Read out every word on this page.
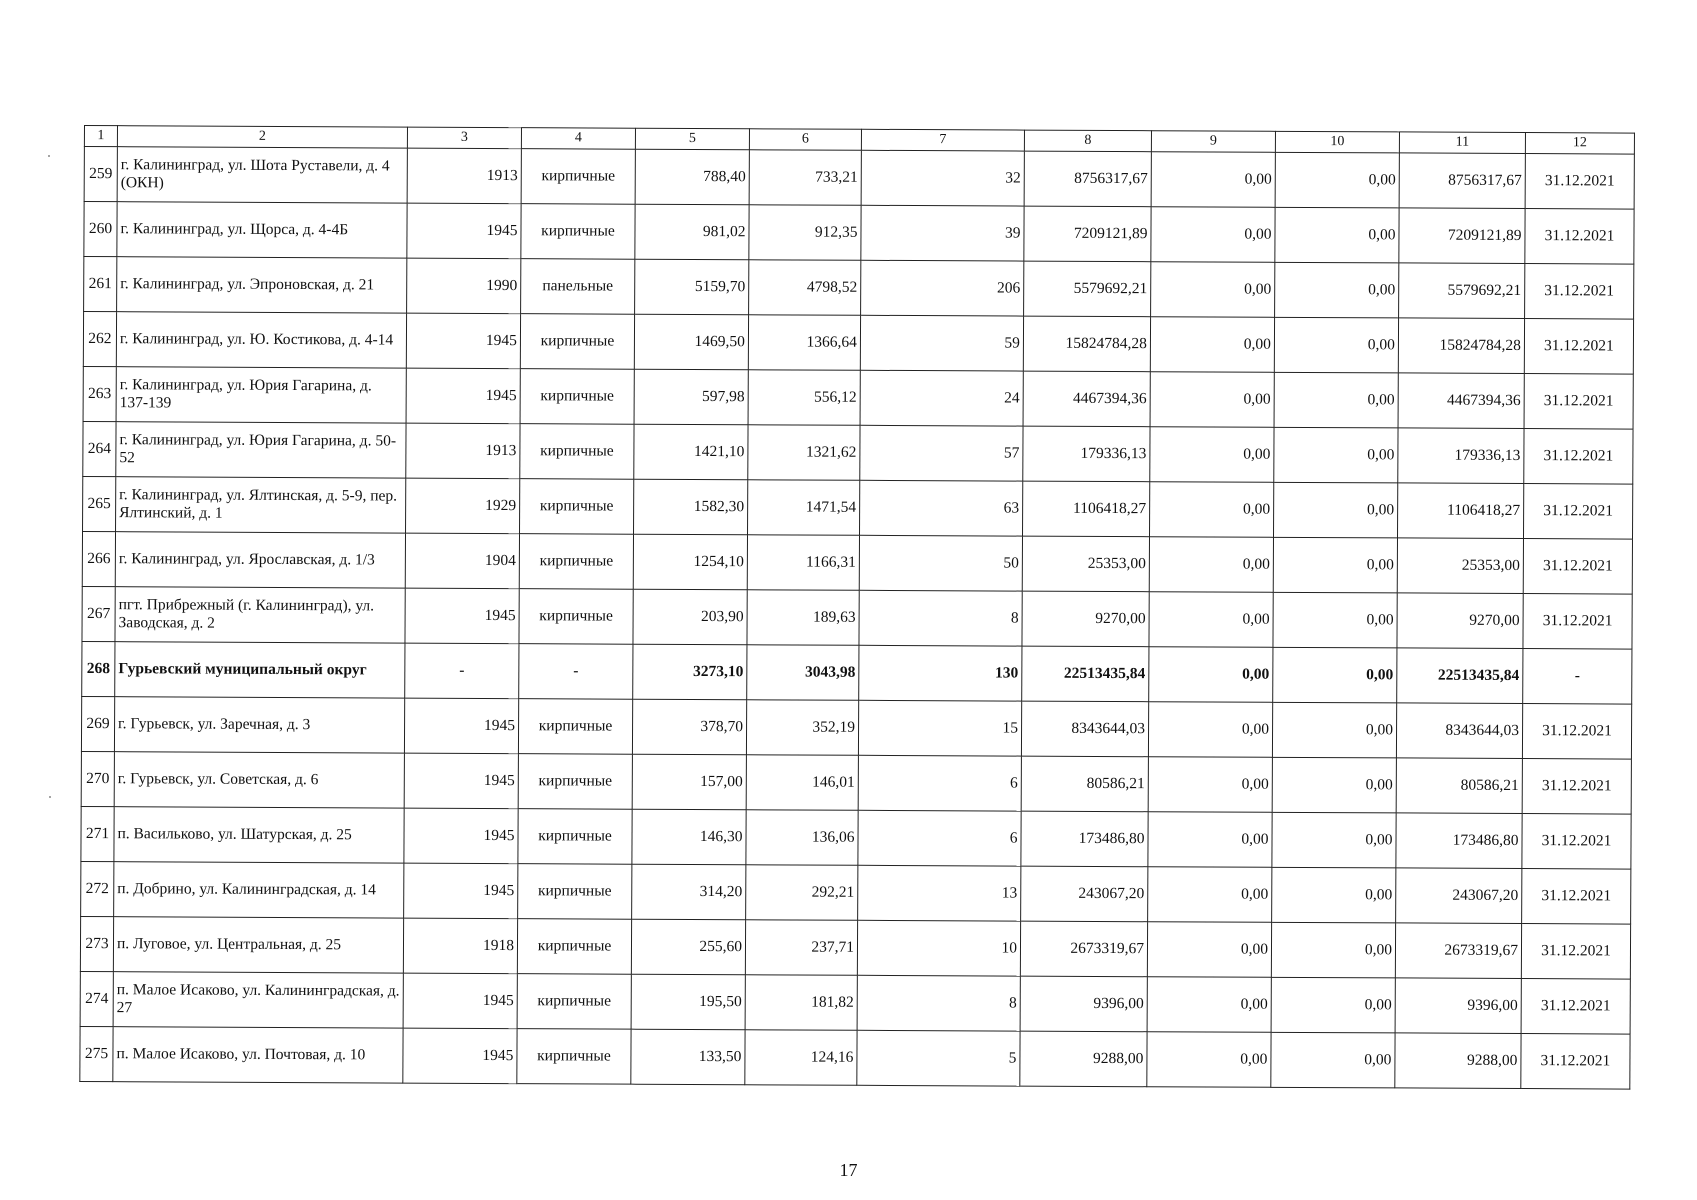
1	2	3	4	5	6	7	8	9	10	11	12
259	г. Калининград, ул. Шота Руставели, д. 4 (ОКН)	1913	кирпичные	788,40	733,21	32	8756317,67	0,00	0,00	8756317,67	31.12.2021
260	г. Калининград, ул. Щорса, д. 4-4Б	1945	кирпичные	981,02	912,35	39	7209121,89	0,00	0,00	7209121,89	31.12.2021
261	г. Калининград, ул. Эпроновская, д. 21	1990	панельные	5159,70	4798,52	206	5579692,21	0,00	0,00	5579692,21	31.12.2021
262	г. Калининград, ул. Ю. Костикова, д. 4-14	1945	кирпичные	1469,50	1366,64	59	15824784,28	0,00	0,00	15824784,28	31.12.2021
263	г. Калининград, ул. Юрия Гагарина, д. 137-139	1945	кирпичные	597,98	556,12	24	4467394,36	0,00	0,00	4467394,36	31.12.2021
264	г. Калининград, ул. Юрия Гагарина, д. 50-52	1913	кирпичные	1421,10	1321,62	57	179336,13	0,00	0,00	179336,13	31.12.2021
265	г. Калининград, ул. Ялтинская, д. 5-9, пер. Ялтинский, д. 1	1929	кирпичные	1582,30	1471,54	63	1106418,27	0,00	0,00	1106418,27	31.12.2021
266	г. Калининград, ул. Ярославская, д. 1/3	1904	кирпичные	1254,10	1166,31	50	25353,00	0,00	0,00	25353,00	31.12.2021
267	пгт. Прибрежный (г. Калининград), ул. Заводская, д. 2	1945	кирпичные	203,90	189,63	8	9270,00	0,00	0,00	9270,00	31.12.2021
268	Гурьевский муниципальный округ	-	-	3273,10	3043,98	130	22513435,84	0,00	0,00	22513435,84	-
269	г. Гурьевск, ул. Заречная, д. 3	1945	кирпичные	378,70	352,19	15	8343644,03	0,00	0,00	8343644,03	31.12.2021
270	г. Гурьевск, ул. Советская, д. 6	1945	кирпичные	157,00	146,01	6	80586,21	0,00	0,00	80586,21	31.12.2021
271	п. Васильково, ул. Шатурская, д. 25	1945	кирпичные	146,30	136,06	6	173486,80	0,00	0,00	173486,80	31.12.2021
272	п. Добрино, ул. Калининградская, д. 14	1945	кирпичные	314,20	292,21	13	243067,20	0,00	0,00	243067,20	31.12.2021
273	п. Луговое, ул. Центральная, д. 25	1918	кирпичные	255,60	237,71	10	2673319,67	0,00	0,00	2673319,67	31.12.2021
274	п. Малое Исаково, ул. Калининградская, д. 27	1945	кирпичные	195,50	181,82	8	9396,00	0,00	0,00	9396,00	31.12.2021
275	п. Малое Исаково, ул. Почтовая, д. 10	1945	кирпичные	133,50	124,16	5	9288,00	0,00	0,00	9288,00	31.12.2021
17
